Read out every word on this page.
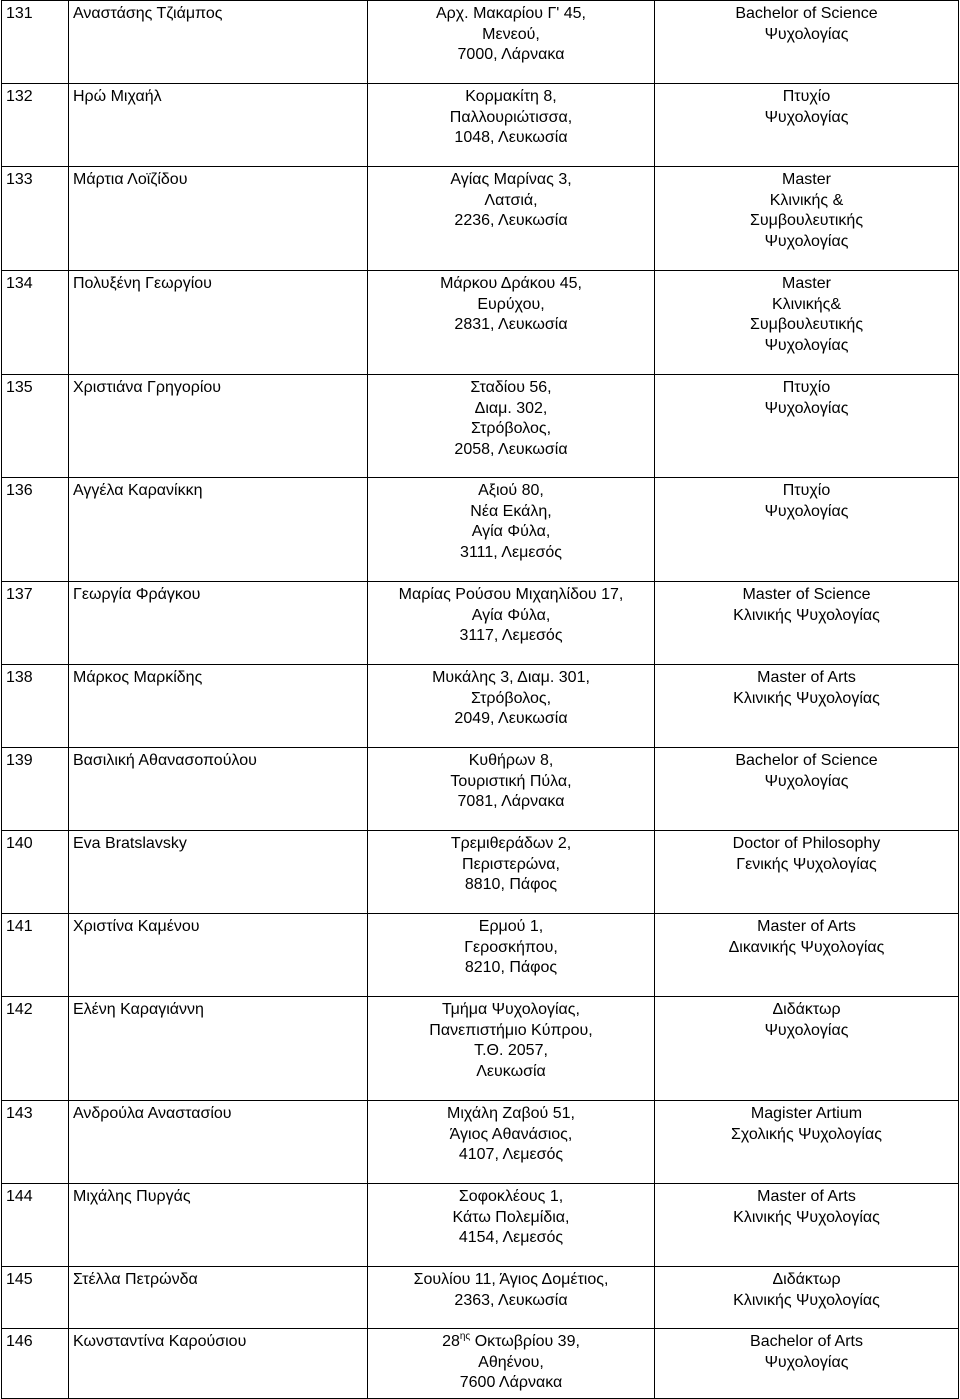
131	Αναστάσης Τζιάμπος	Αρχ. Μακαρίου Γ' 45,
Μενεού,
7000, Λάρνακα	Bachelor of Science
Ψυχολογίας

132	Ηρώ Μιχαήλ	Κορμακίτη 8,
Παλλουριώτισσα,
1048, Λευκωσία	Πτυχίο
Ψυχολογίας

133	Μάρτια Λοϊζίδου	Αγίας Μαρίνας 3,
Λατσιά,
2236, Λευκωσία	Master
Κλινικής &
Συμβουλευτικής
Ψυχολογίας

134	Πολυξένη Γεωργίου	Μάρκου Δράκου 45,
Ευρύχου,
2831, Λευκωσία	Master
Κλινικής&
Συμβουλευτικής
Ψυχολογίας

135	Χριστιάνα Γρηγορίου	Σταδίου 56,
Διαμ. 302,
Στρόβολος,
2058, Λευκωσία	Πτυχίο
Ψυχολογίας

136	Αγγέλα Καρανίκκη	Αξιού 80,
Νέα Εκάλη,
Αγία Φύλα,
3111, Λεμεσός	Πτυχίο
Ψυχολογίας

137	Γεωργία Φράγκου	Μαρίας Ρούσου Μιχαηλίδου 17,
Αγία Φύλα,
3117, Λεμεσός	Master of Science
Κλινικής Ψυχολογίας

138	Μάρκος Μαρκίδης	Μυκάλης 3, Διαμ. 301,
Στρόβολος,
2049, Λευκωσία	Master of Arts
Κλινικής Ψυχολογίας

139	Βασιλική Αθανασοπούλου	Κυθήρων 8,
Τουριστική Πύλα,
7081, Λάρνακα	Bachelor of Science
Ψυχολογίας

140	Eva Bratslavsky	Τρεμιθεράδων 2,
Περιστερώνα,
8810, Πάφος	Doctor of Philosophy
Γενικής Ψυχολογίας

141	Χριστίνα Καμένου	Ερμού 1,
Γεροσκήπου,
8210, Πάφος	Master of Arts
Δικανικής Ψυχολογίας

142	Ελένη Καραγιάννη	Τμήμα Ψυχολογίας,
Πανεπιστήμιο Κύπρου,
Τ.Θ. 2057,
Λευκωσία	Διδάκτωρ
Ψυχολογίας

143	Ανδρούλα Αναστασίου	Μιχάλη Ζαβού 51,
Άγιος Αθανάσιος,
4107, Λεμεσός	Magister Artium
Σχολικής Ψυχολογίας

144	Μιχάλης Πυργάς	Σοφοκλέους 1,
Κάτω Πολεμίδια,
4154, Λεμεσός	Master of Arts
Κλινικής Ψυχολογίας

145	Στέλλα Πετρώνδα	Σουλίου 11, Άγιος Δομέτιος,
2363, Λευκωσία	Διδάκτωρ
Κλινικής Ψυχολογίας

146	Κωνσταντίνα Καρούσιου	$28^{\eta\varsigma}$ Οκτωβρίου 39,
Αθηένου,
7600 Λάρνακα	Bachelor of Arts
Ψυχολογίας
